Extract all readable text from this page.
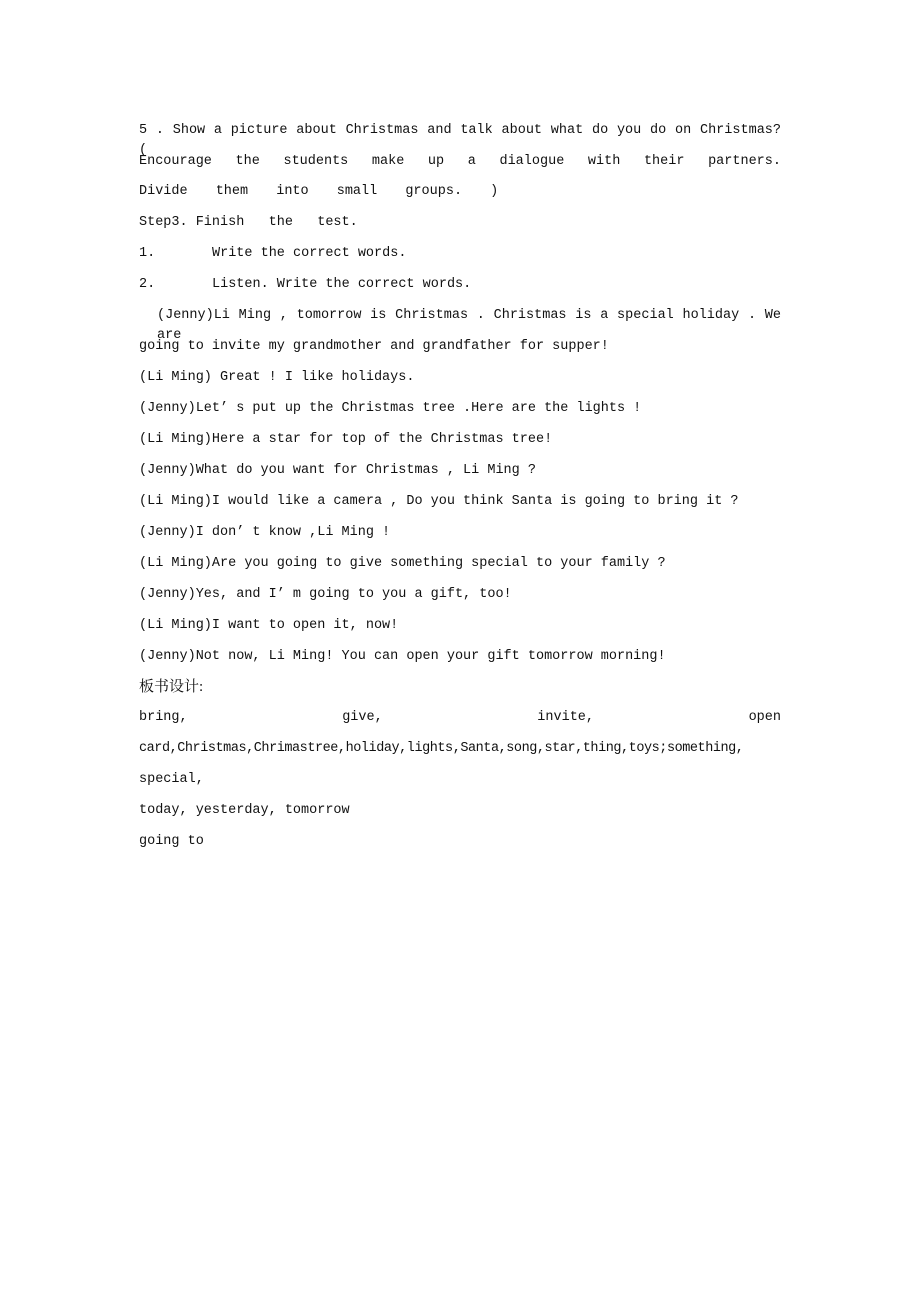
5 . Show a picture about Christmas and talk about what do you do on Christmas? (
Encourage the students make up a dialogue with their partners.
Divide them into small groups. )
Step3. Finish   the   test.
1.	Write the correct words.
2.	Listen. Write the correct words.
(Jenny)Li Ming , tomorrow is Christmas . Christmas is a special holiday . We are
going to invite my grandmother and grandfather for supper!
(Li Ming) Great ! I like holidays.
(Jenny)Let’ s put up the Christmas tree .Here are the lights !
(Li Ming)Here a star for top of the Christmas tree!
(Jenny)What do you want for Christmas , Li Ming ?
(Li Ming)I would like a camera , Do you think Santa is going to bring it ?
(Jenny)I don’ t know ,Li Ming !
(Li Ming)Are you going to give something special to your family ?
(Jenny)Yes, and I’ m going to you a gift, too!
(Li Ming)I want to open it, now!
(Jenny)Not now, Li Ming! You can open your gift tomorrow morning!
板书设计:
bring, give, invite, open
card,Christmas,Chrimastree,holiday,lights,Santa,song,star,thing,toys;something,
special,
today, yesterday, tomorrow
going to
